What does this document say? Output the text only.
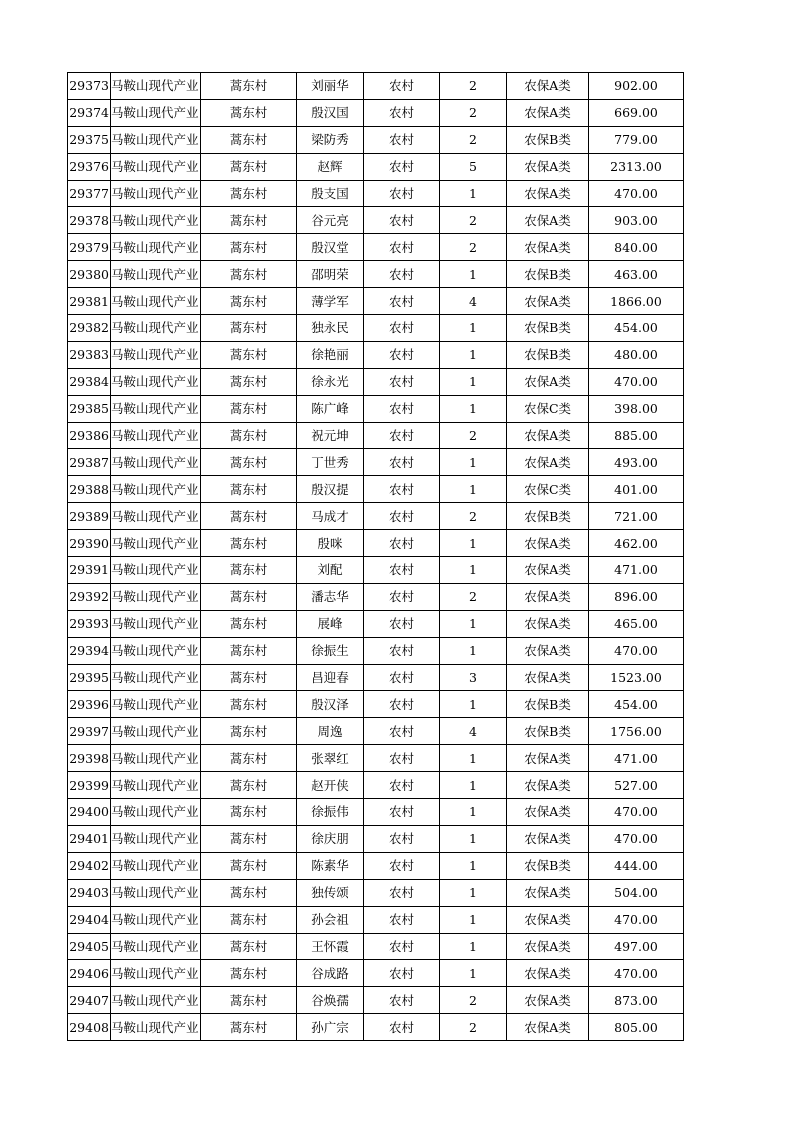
29373	马鞍山现代产业	蒿东村	刘丽华	农村	2	农保A类	902.00
29374	马鞍山现代产业	蒿东村	殷汉国	农村	2	农保A类	669.00
29375	马鞍山现代产业	蒿东村	梁防秀	农村	2	农保B类	779.00
29376	马鞍山现代产业	蒿东村	赵辉	农村	5	农保A类	2313.00
29377	马鞍山现代产业	蒿东村	殷支国	农村	1	农保A类	470.00
29378	马鞍山现代产业	蒿东村	谷元亮	农村	2	农保A类	903.00
29379	马鞍山现代产业	蒿东村	殷汉堂	农村	2	农保A类	840.00
29380	马鞍山现代产业	蒿东村	邵明荣	农村	1	农保B类	463.00
29381	马鞍山现代产业	蒿东村	薄学军	农村	4	农保A类	1866.00
29382	马鞍山现代产业	蒿东村	独永民	农村	1	农保B类	454.00
29383	马鞍山现代产业	蒿东村	徐艳丽	农村	1	农保B类	480.00
29384	马鞍山现代产业	蒿东村	徐永光	农村	1	农保A类	470.00
29385	马鞍山现代产业	蒿东村	陈广峰	农村	1	农保C类	398.00
29386	马鞍山现代产业	蒿东村	祝元坤	农村	2	农保A类	885.00
29387	马鞍山现代产业	蒿东村	丁世秀	农村	1	农保A类	493.00
29388	马鞍山现代产业	蒿东村	殷汉提	农村	1	农保C类	401.00
29389	马鞍山现代产业	蒿东村	马成才	农村	2	农保B类	721.00
29390	马鞍山现代产业	蒿东村	殷咪	农村	1	农保A类	462.00
29391	马鞍山现代产业	蒿东村	刘配	农村	1	农保A类	471.00
29392	马鞍山现代产业	蒿东村	潘志华	农村	2	农保A类	896.00
29393	马鞍山现代产业	蒿东村	展峰	农村	1	农保A类	465.00
29394	马鞍山现代产业	蒿东村	徐振生	农村	1	农保A类	470.00
29395	马鞍山现代产业	蒿东村	昌迎春	农村	3	农保A类	1523.00
29396	马鞍山现代产业	蒿东村	殷汉泽	农村	1	农保B类	454.00
29397	马鞍山现代产业	蒿东村	周逸	农村	4	农保B类	1756.00
29398	马鞍山现代产业	蒿东村	张翠红	农村	1	农保A类	471.00
29399	马鞍山现代产业	蒿东村	赵开侠	农村	1	农保A类	527.00
29400	马鞍山现代产业	蒿东村	徐振伟	农村	1	农保A类	470.00
29401	马鞍山现代产业	蒿东村	徐庆朋	农村	1	农保A类	470.00
29402	马鞍山现代产业	蒿东村	陈素华	农村	1	农保B类	444.00
29403	马鞍山现代产业	蒿东村	独传颂	农村	1	农保A类	504.00
29404	马鞍山现代产业	蒿东村	孙会祖	农村	1	农保A类	470.00
29405	马鞍山现代产业	蒿东村	王怀霞	农村	1	农保A类	497.00
29406	马鞍山现代产业	蒿东村	谷成路	农村	1	农保A类	470.00
29407	马鞍山现代产业	蒿东村	谷焕孺	农村	2	农保A类	873.00
29408	马鞍山现代产业	蒿东村	孙广宗	农村	2	农保A类	805.00
